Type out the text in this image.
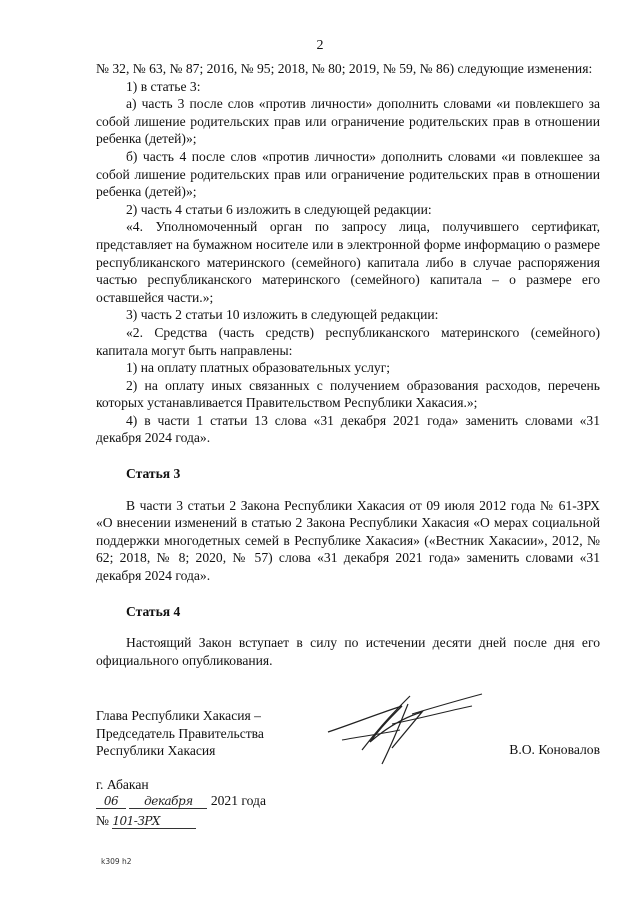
2

№ 32, № 63, № 87; 2016, № 95; 2018, № 80; 2019, № 59, № 86) следующие изменения:

1) в статье 3:

а) часть 3 после слов «против личности» дополнить словами «и повлекшего за собой лишение родительских прав или ограничение родительских прав в отношении ребенка (детей)»;

б) часть 4 после слов «против личности» дополнить словами «и повлекшее за собой лишение родительских прав или ограничение родительских прав в отношении ребенка (детей)»;

2) часть 4 статьи 6 изложить в следующей редакции:

«4. Уполномоченный орган по запросу лица, получившего сертификат, представляет на бумажном носителе или в электронной форме информацию о размере республиканского материнского (семейного) капитала либо в случае распоряжения частью республиканского материнского (семейного) капитала – о размере его оставшейся части.»;

3) часть 2 статьи 10 изложить в следующей редакции:

«2. Средства (часть средств) республиканского материнского (семейного) капитала могут быть направлены:

1) на оплату платных образовательных услуг;

2) на оплату иных связанных с получением образования расходов, перечень которых устанавливается Правительством Республики Хакасия.»;

4) в части 1 статьи 13 слова «31 декабря 2021 года» заменить словами «31 декабря 2024 года».

Статья 3

В части 3 статьи 2 Закона Республики Хакасия от 09 июля 2012 года № 61-ЗРХ «О внесении изменений в статью 2 Закона Республики Хакасия «О мерах социальной поддержки многодетных семей в Республике Хакасия» («Вестник Хакасии», 2012, № 62; 2018, № 8; 2020, № 57) слова «31 декабря 2021 года» заменить словами «31 декабря 2024 года».

Статья 4

Настоящий Закон вступает в силу по истечении десяти дней после дня его официального опубликования.

Глава Республики Хакасия –
Председатель Правительства
Республики Хакасия	В.О. Коновалов
г. Абакан
06 декабря 2021 года
№ 101-ЗРХ
k309 h2
